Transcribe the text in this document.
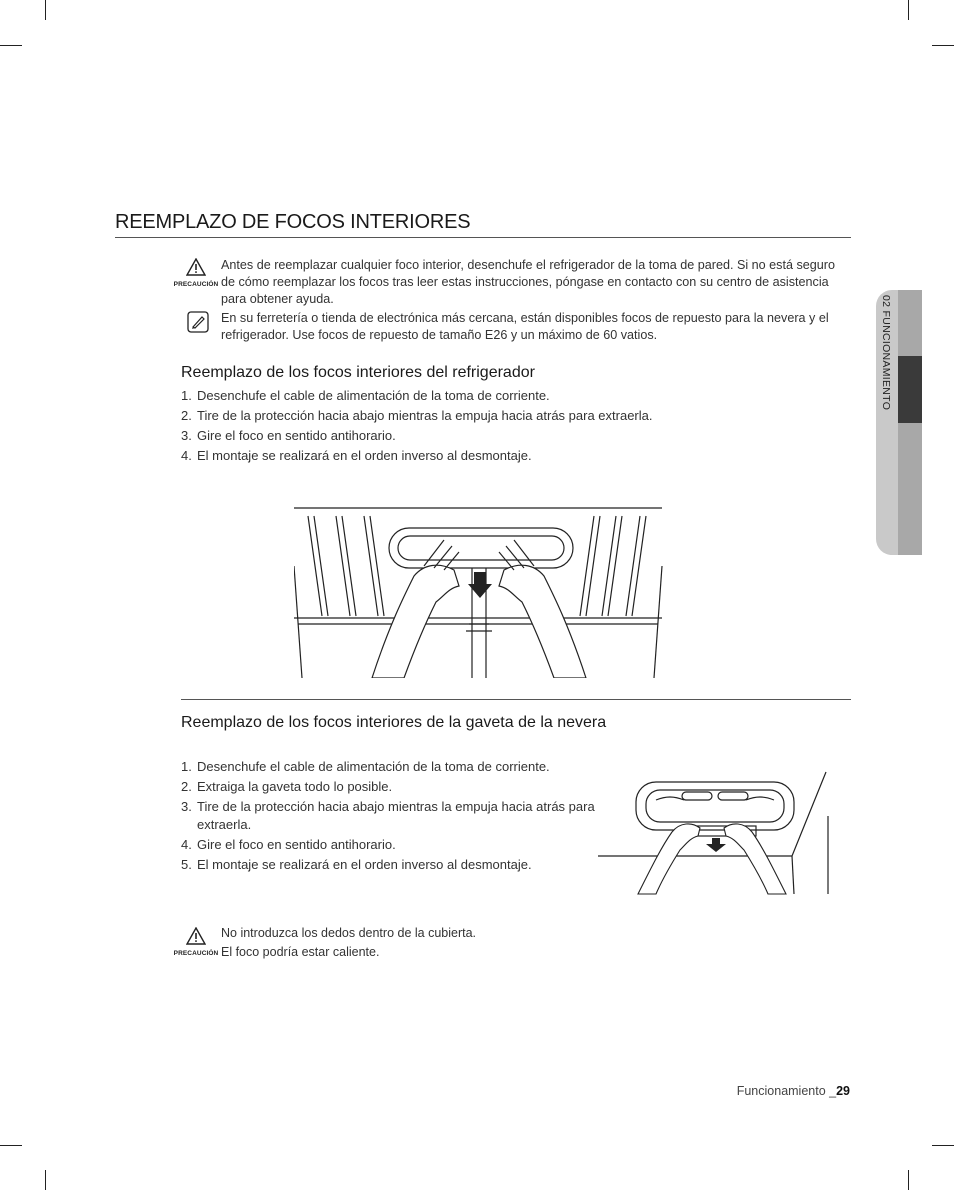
02 FUNCIONAMIENTO
REEMPLAZO DE FOCOS INTERIORES
PRECAUCIÓN
Antes de reemplazar cualquier foco interior, desenchufe el refrigerador de la toma de pared. Si no está seguro de cómo reemplazar los focos tras leer estas instrucciones, póngase en contacto con su centro de asistencia para obtener ayuda.
En su ferretería o tienda de electrónica más cercana, están disponibles focos de repuesto para la nevera y el refrigerador. Use focos de repuesto de tamaño E26 y un máximo de 60 vatios.
Reemplazo de los focos interiores del refrigerador
1. Desenchufe el cable de alimentación de la toma de corriente.
2. Tire de la protección hacia abajo mientras la empuja hacia atrás para extraerla.
3. Gire el foco en sentido antihorario.
4. El montaje se realizará en el orden inverso al desmontaje.
Reemplazo de los focos interiores de la gaveta de la nevera
1. Desenchufe el cable de alimentación de la toma de corriente.
2. Extraiga la gaveta todo lo posible.
3. Tire de la protección hacia abajo mientras la empuja hacia atrás para extraerla.
4. Gire el foco en sentido antihorario.
5. El montaje se realizará en el orden inverso al desmontaje.
PRECAUCIÓN
No introduzca los dedos dentro de la cubierta.
El foco podría estar caliente.
Funcionamiento _29
